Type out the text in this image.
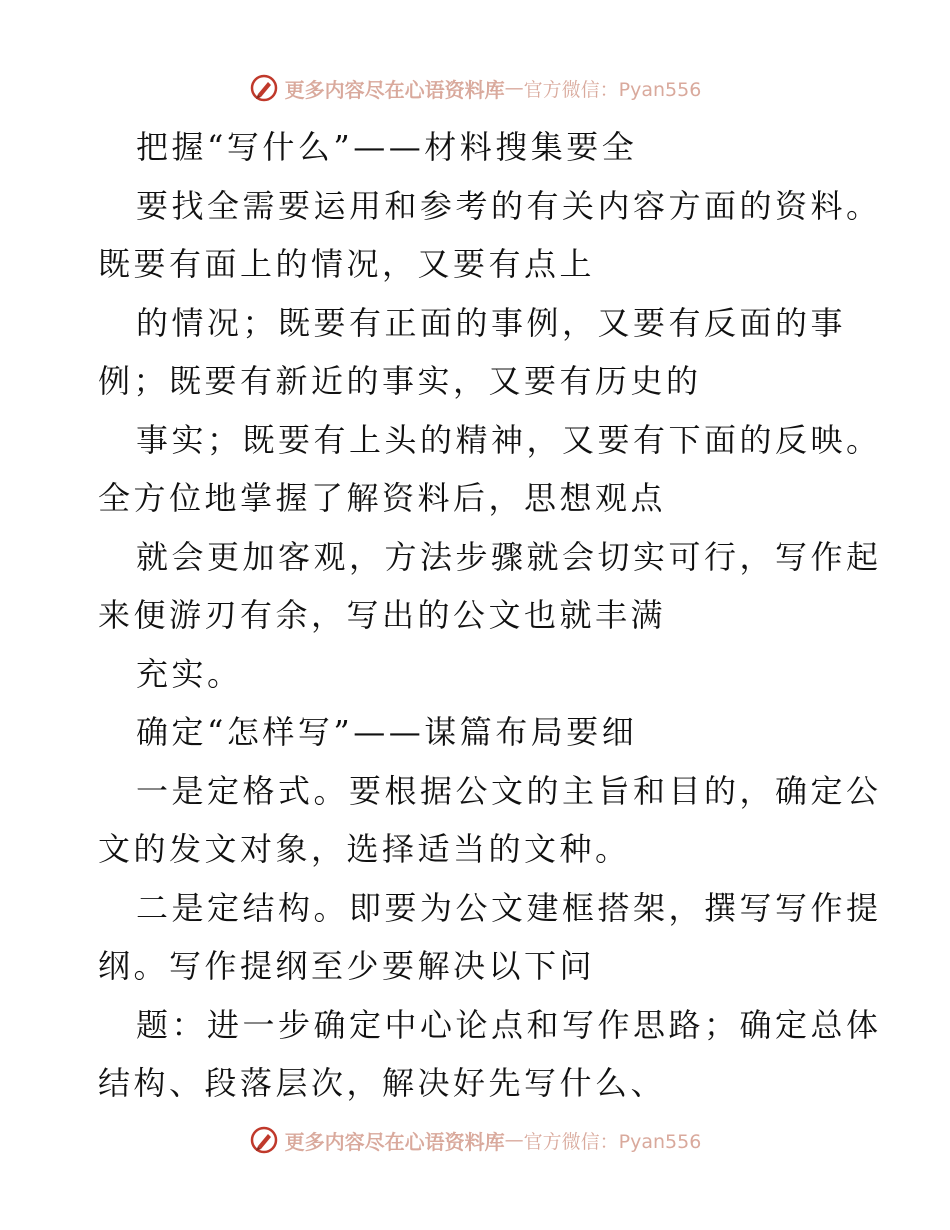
更多内容尽在心语资料库 — 官方微信：Pyan556
把握“写什么”——材料搜集要全
要找全需要运用和参考的有关内容方面的资料。
既要有面上的情况，又要有点上
的情况；既要有正面的事例，又要有反面的事
例；既要有新近的事实，又要有历史的
事实；既要有上头的精神，又要有下面的反映。
全方位地掌握了解资料后，思想观点
就会更加客观，方法步骤就会切实可行，写作起
来便游刃有余，写出的公文也就丰满
充实。
确定“怎样写”——谋篇布局要细
一是定格式。要根据公文的主旨和目的，确定公
文的发文对象，选择适当的文种。
二是定结构。即要为公文建框搭架，撰写写作提
纲。写作提纲至少要解决以下问
题：进一步确定中心论点和写作思路；确定总体
结构、段落层次，解决好先写什么、
更多内容尽在心语资料库 — 官方微信：Pyan556
